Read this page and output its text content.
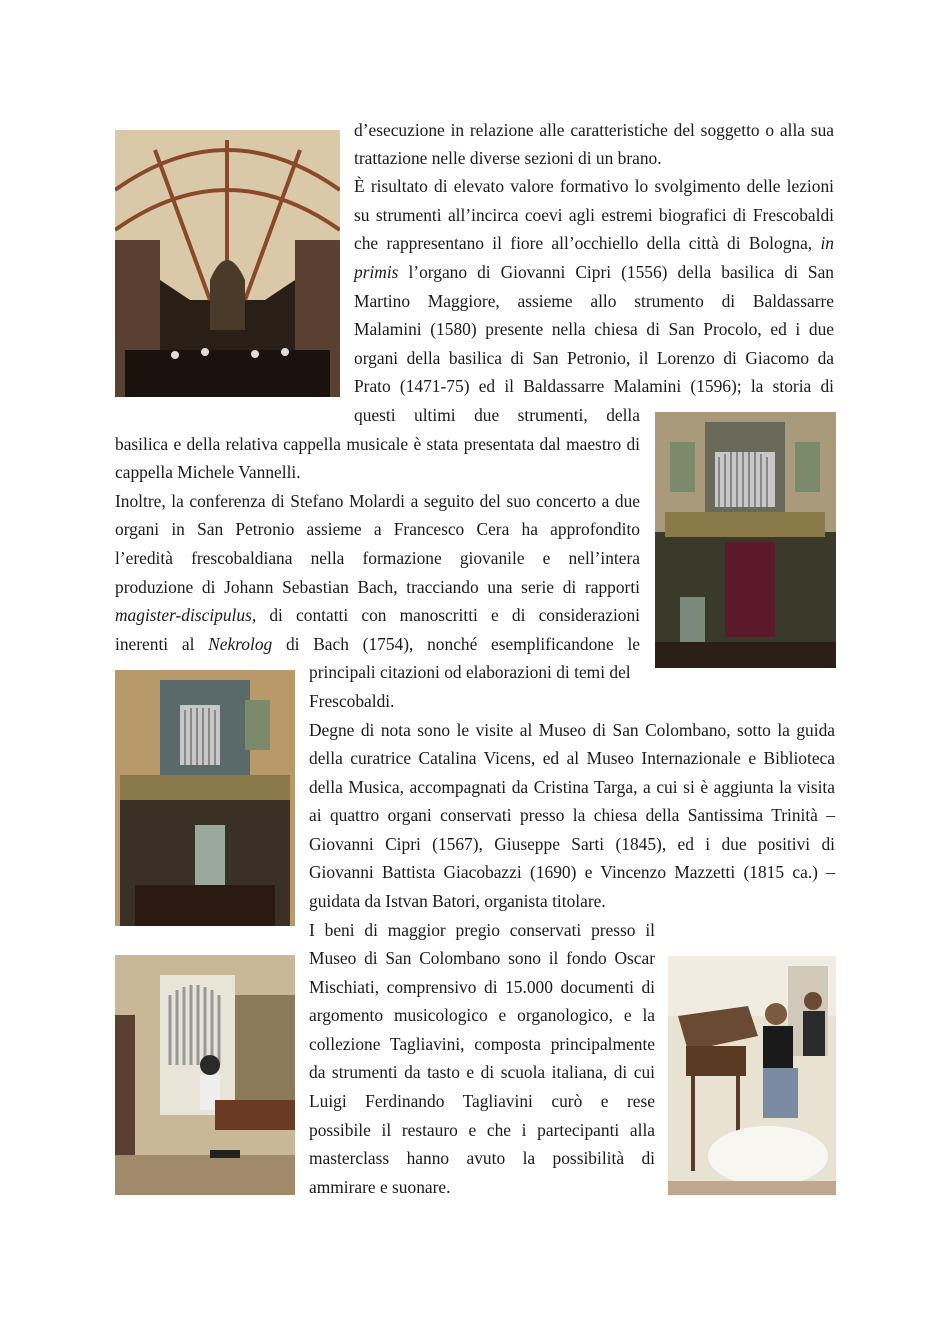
d’esecuzione in relazione alle caratteristiche del soggetto o alla sua
trattazione nelle diverse sezioni di un brano.
È risultato di elevato valore formativo lo svolgimento delle lezioni
su strumenti all’incirca coevi agli estremi biografici di Frescobaldi
che rappresentano il fiore all’occhiello della città di Bologna, in
primis l’organo di Giovanni Cipri (1556) della basilica di San
Martino Maggiore, assieme allo strumento di Baldassarre
Malamini (1580) presente nella chiesa di San Procolo, ed i due
organi della basilica di San Petronio, il Lorenzo di Giacomo da
Prato (1471-75) ed il Baldassarre Malamini (1596); la storia di
questi ultimi due strumenti, della
basilica e della relativa cappella musicale è stata presentata dal maestro di
cappella Michele Vannelli.
Inoltre, la conferenza di Stefano Molardi a seguito del suo concerto a due
organi in San Petronio assieme a Francesco Cera ha approfondito
l’eredità frescobaldiana nella formazione giovanile e nell’intera
produzione di Johann Sebastian Bach, tracciando una serie di rapporti
magister-discipulus, di contatti con manoscritti e di considerazioni
inerenti al Nekrolog di Bach (1754), nonché esemplificandone le
principali citazioni od elaborazioni di temi del
Frescobaldi.
Degne di nota sono le visite al Museo di San Colombano, sotto la guida
della curatrice Catalina Vicens, ed al Museo Internazionale e Biblioteca
della Musica, accompagnati da Cristina Targa, a cui si è aggiunta la visita
ai quattro organi conservati presso la chiesa della Santissima Trinità –
Giovanni Cipri (1567), Giuseppe Sarti (1845), ed i due positivi di
Giovanni Battista Giacobazzi (1690) e Vincenzo Mazzetti (1815 ca.) –
guidata da Istvan Batori, organista titolare.
I beni di maggior pregio conservati presso il
Museo di San Colombano sono il fondo Oscar
Mischiati, comprensivo di 15.000 documenti di
argomento musicologico e organologico, e la
collezione Tagliavini, composta principalmente
da strumenti da tasto e di scuola italiana, di cui
Luigi Ferdinando Tagliavini curò e rese
possibile il restauro e che i partecipanti alla
masterclass hanno avuto la possibilità di
ammirare e suonare.
